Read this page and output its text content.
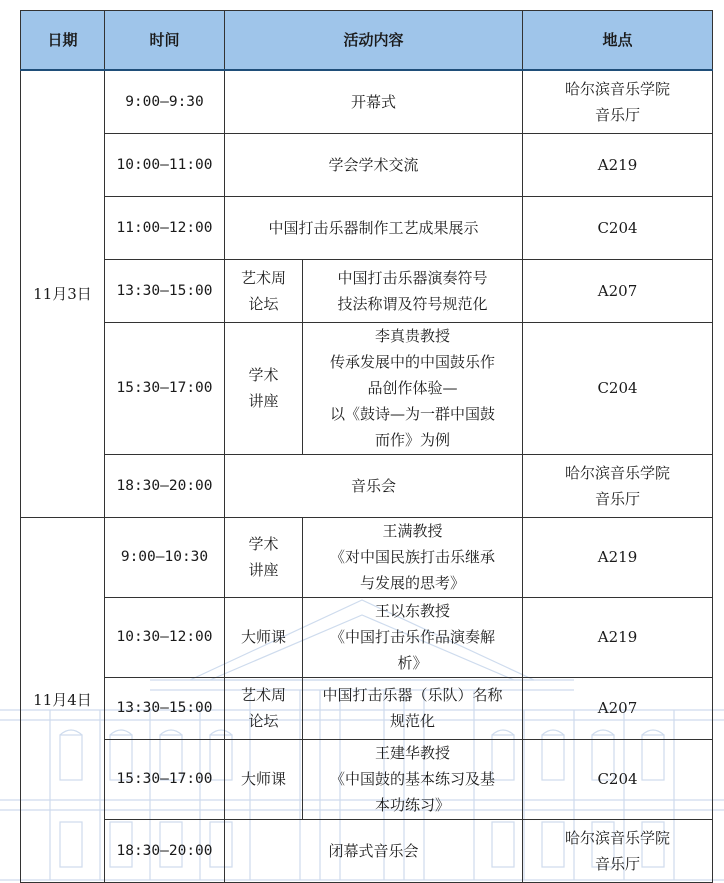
日期	时间	活动内容		地点
11月3日	9:00—9:30	开幕式		哈尔滨音乐学院
音乐厅

	10:00—11:00	学会学术交流		A219
	11:00—12:00	中国打击乐器制作工艺成果展示		C204
	13:30—15:00	艺术周
论坛	中国打击乐器演奏符号
技法称谓及符号规范化	A207
	15:30—17:00	学术
讲座	李真贵教授
传承发展中的中国鼓乐作
品创作体验—
以《鼓诗—为一群中国鼓
而作》为例	C204
	18:30—20:00	音乐会		哈尔滨音乐学院
音乐厅

11月4日	9:00—10:30	学术
讲座	王满教授
《对中国民族打击乐继承
与发展的思考》	A219
	10:30—12:00	大师课	王以东教授
《中国打击乐作品演奏解
析》	A219
	13:30—15:00	艺术周
论坛	中国打击乐器（乐队）名称
规范化	A207
	15:30—17:00	大师课	王建华教授
《中国鼓的基本练习及基
本功练习》	C204
	18:30—20:00	闭幕式音乐会		哈尔滨音乐学院
音乐厅
